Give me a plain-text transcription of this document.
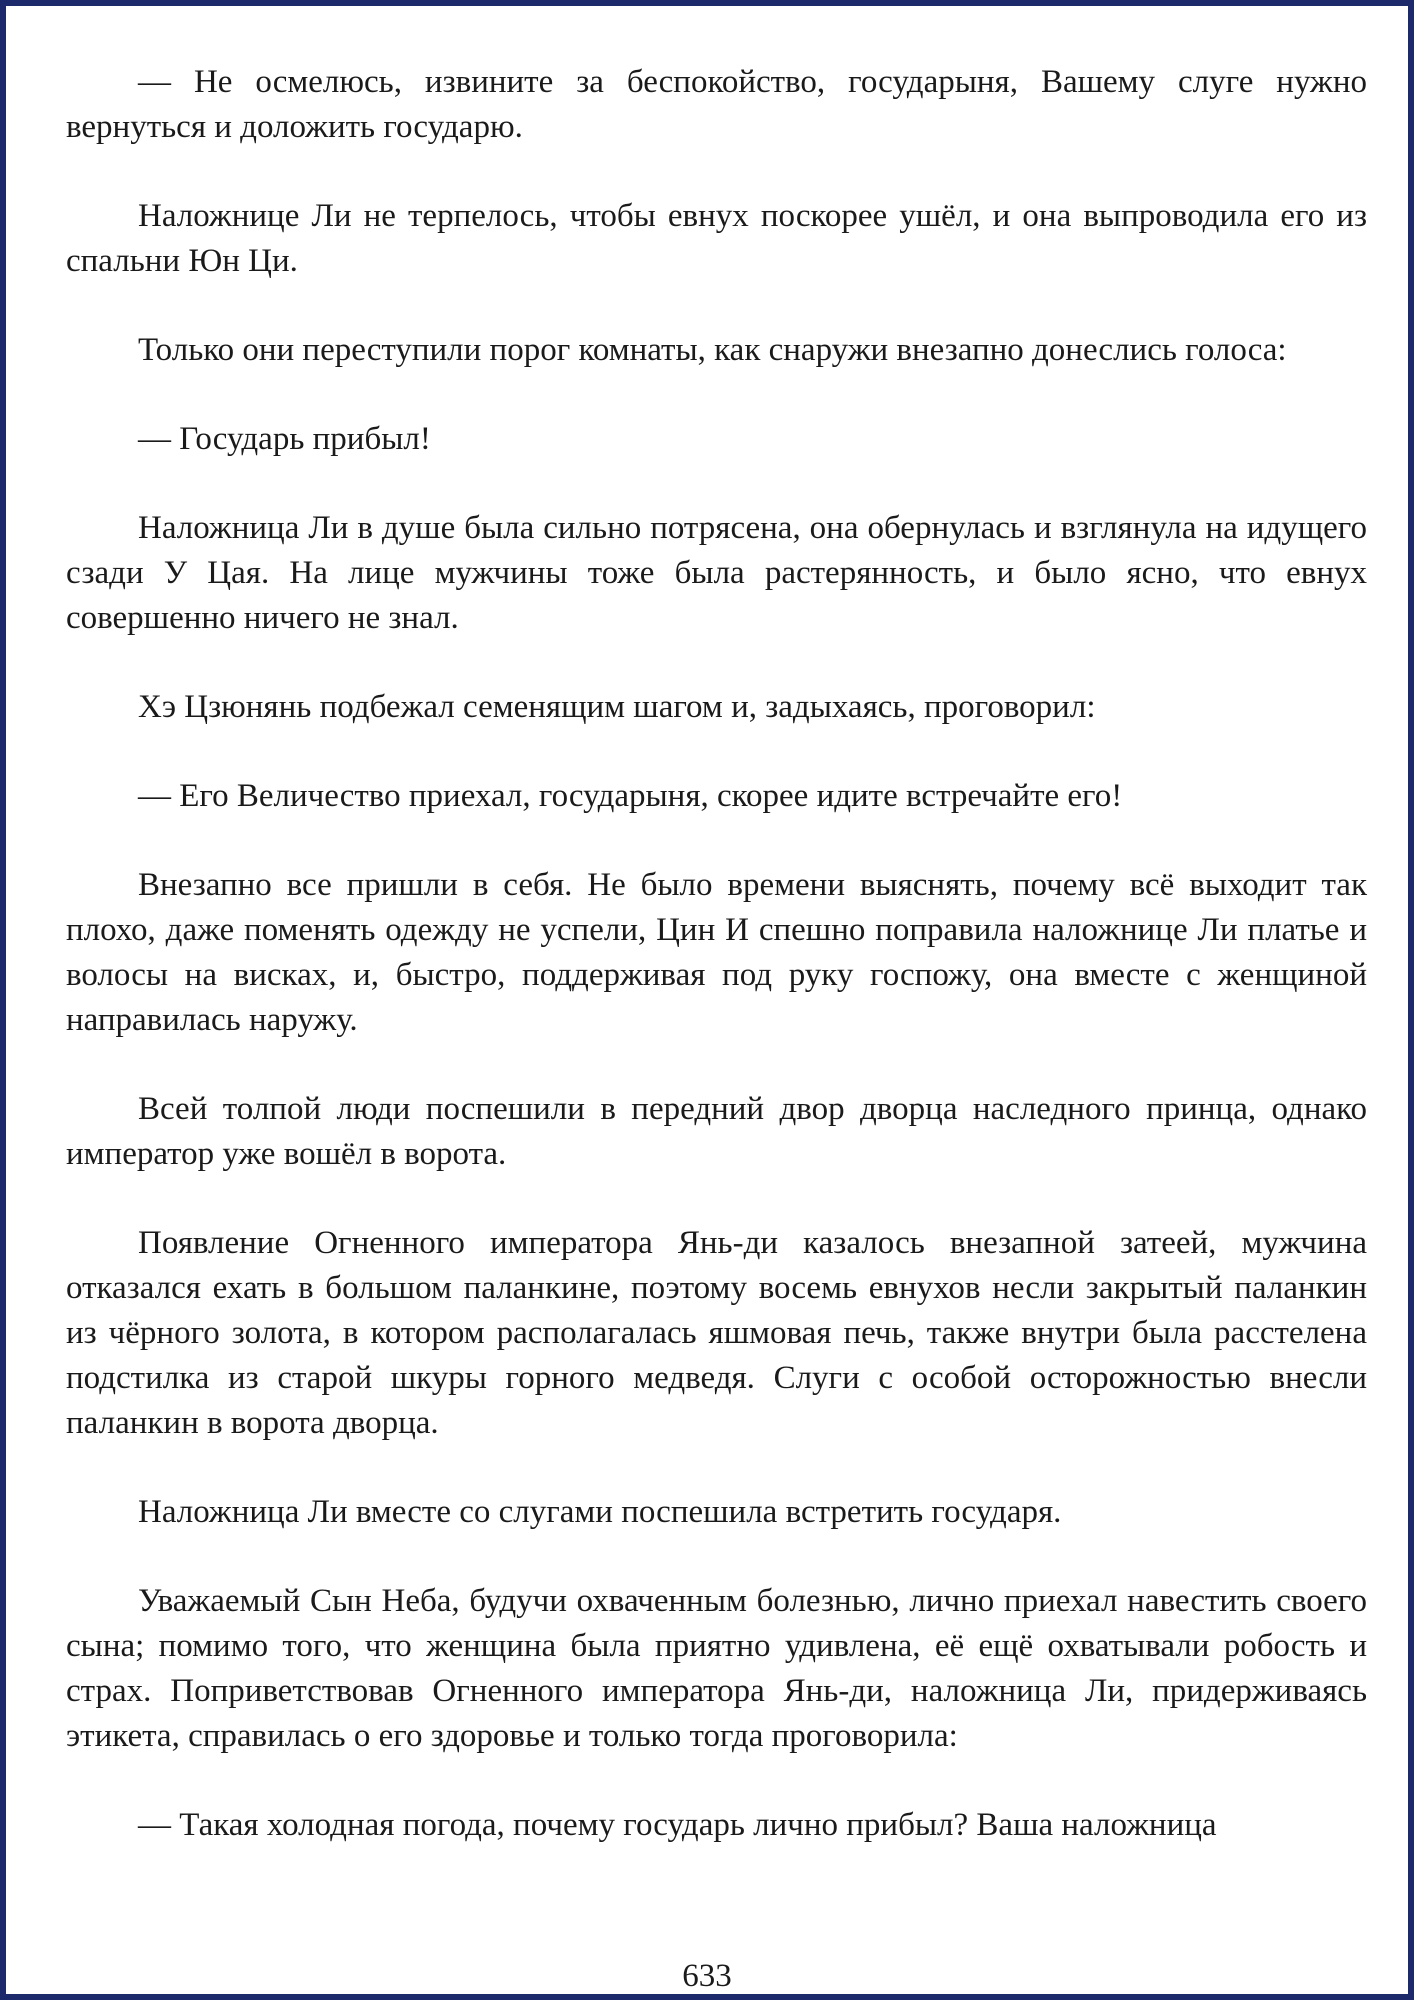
— Не осмелюсь, извините за беспокойство, государыня, Вашему слуге нужно вернуться и доложить государю.

Наложнице Ли не терпелось, чтобы евнух поскорее ушёл, и она выпроводила его из спальни Юн Ци.

Только они переступили порог комнаты, как снаружи внезапно донеслись голоса:

— Государь прибыл!

Наложница Ли в душе была сильно потрясена, она обернулась и взглянула на идущего сзади У Цая. На лице мужчины тоже была растерянность, и было ясно, что евнух совершенно ничего не знал.

Хэ Цзюнянь подбежал семенящим шагом и, задыхаясь, проговорил:

— Его Величество приехал, государыня, скорее идите встречайте его!

Внезапно все пришли в себя. Не было времени выяснять, почему всё выходит так плохо, даже поменять одежду не успели, Цин И спешно поправила наложнице Ли платье и волосы на висках, и, быстро, поддерживая под руку госпожу, она вместе с женщиной направилась наружу.

Всей толпой люди поспешили в передний двор дворца наследного принца, однако император уже вошёл в ворота.

Появление Огненного императора Янь-ди казалось внезапной затеей, мужчина отказался ехать в большом паланкине, поэтому восемь евнухов несли закрытый паланкин из чёрного золота, в котором располагалась яшмовая печь, также внутри была расстелена подстилка из старой шкуры горного медведя. Слуги с особой осторожностью внесли паланкин в ворота дворца.

Наложница Ли вместе со слугами поспешила встретить государя.

Уважаемый Сын Неба, будучи охваченным болезнью, лично приехал навестить своего сына; помимо того, что женщина была приятно удивлена, её ещё охватывали робость и страх. Поприветствовав Огненного императора Янь-ди, наложница Ли, придерживаясь этикета, справилась о его здоровье и только тогда проговорила:

— Такая холодная погода, почему государь лично прибыл? Ваша наложница

633
